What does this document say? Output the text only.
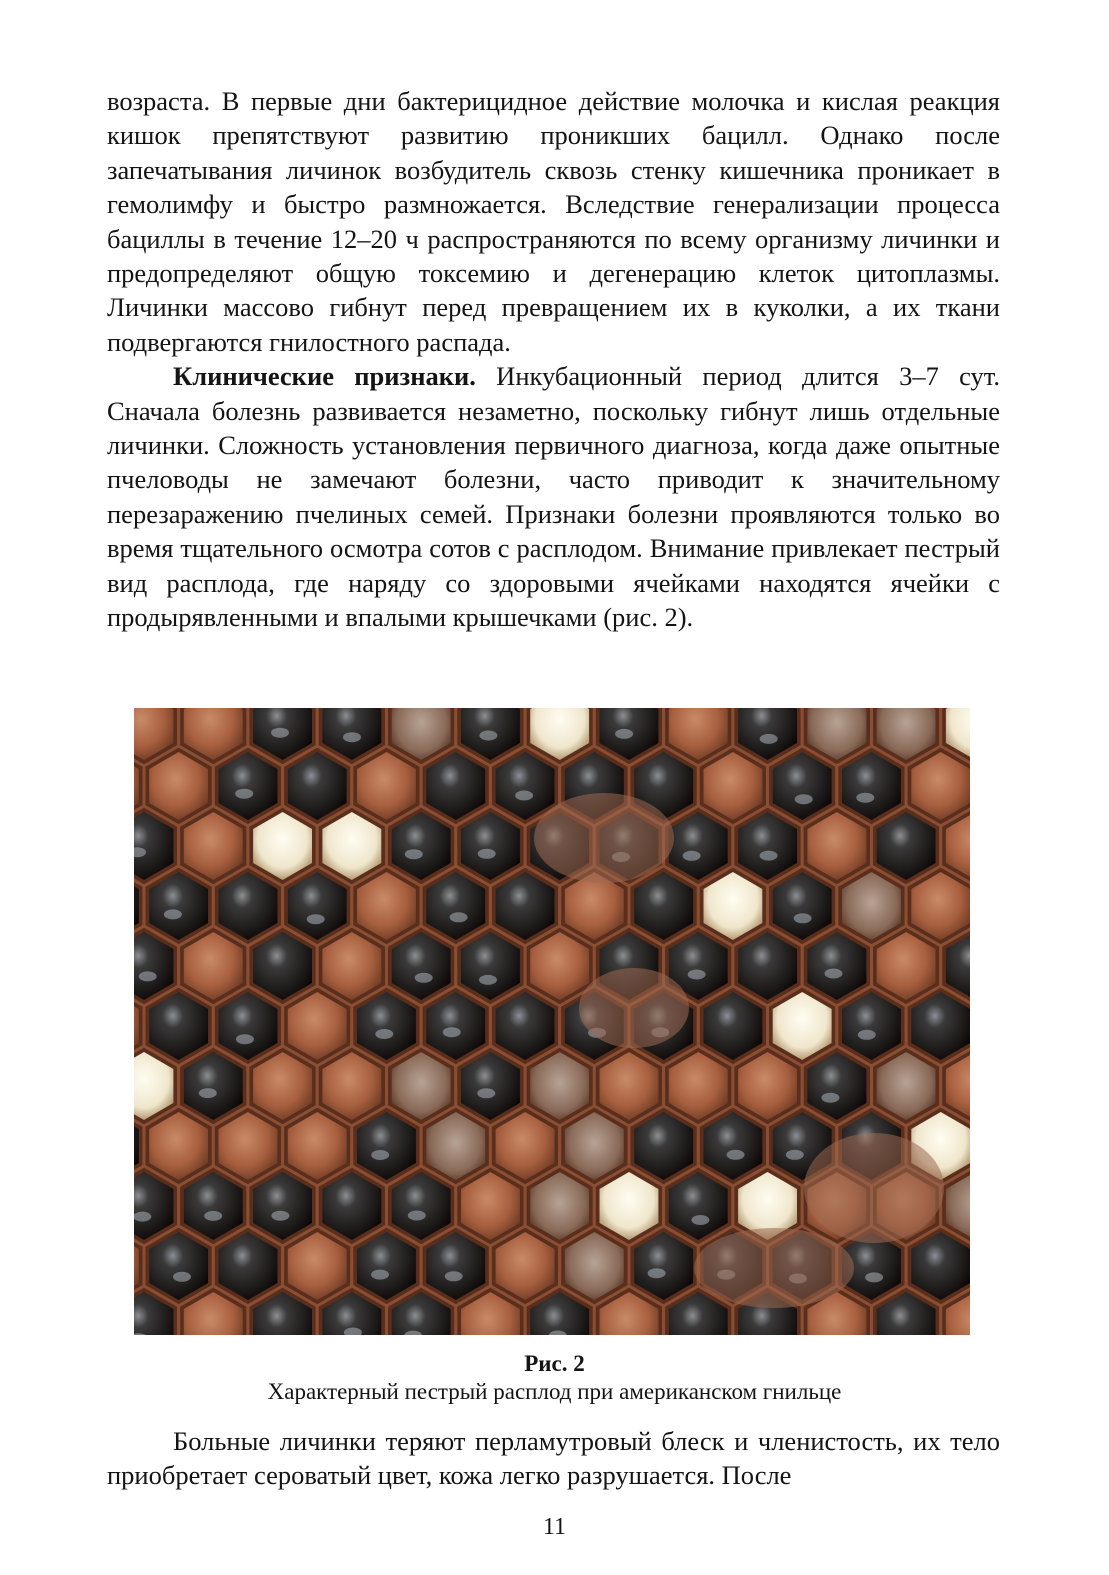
возраста. В первые дни бактерицидное действие молочка и кислая реакция кишок препятствуют развитию проникших бацилл. Однако после запечатывания личинок возбудитель сквозь стенку кишечника проникает в гемолимфу и быстро размножается. Вследствие генерализации процесса бациллы в течение 12–20 ч распространяются по всему организму личинки и предопределяют общую токсемию и дегенерацию клеток цитоплазмы. Личинки массово гибнут перед превращением их в куколки, а их ткани подвергаются гнилостного распада.

Клинические признаки. Инкубационный период длится 3–7 сут. Сначала болезнь развивается незаметно, поскольку гибнут лишь отдельные личинки. Сложность установления первичного диагноза, когда даже опытные пчеловоды не замечают болезни, часто приводит к значительному перезаражению пчелиных семей. Признаки болезни проявляются только во время тщательного осмотра сотов с расплодом. Внимание привлекает пестрый вид расплода, где наряду со здоровыми ячейками находятся ячейки с продырявленными и впалыми крышечками (рис. 2).

Рис. 2
Характерный пестрый расплод при американском гнильце

Больные личинки теряют перламутровый блеск и членистость, их тело приобретает сероватый цвет, кожа легко разрушается. После

11
